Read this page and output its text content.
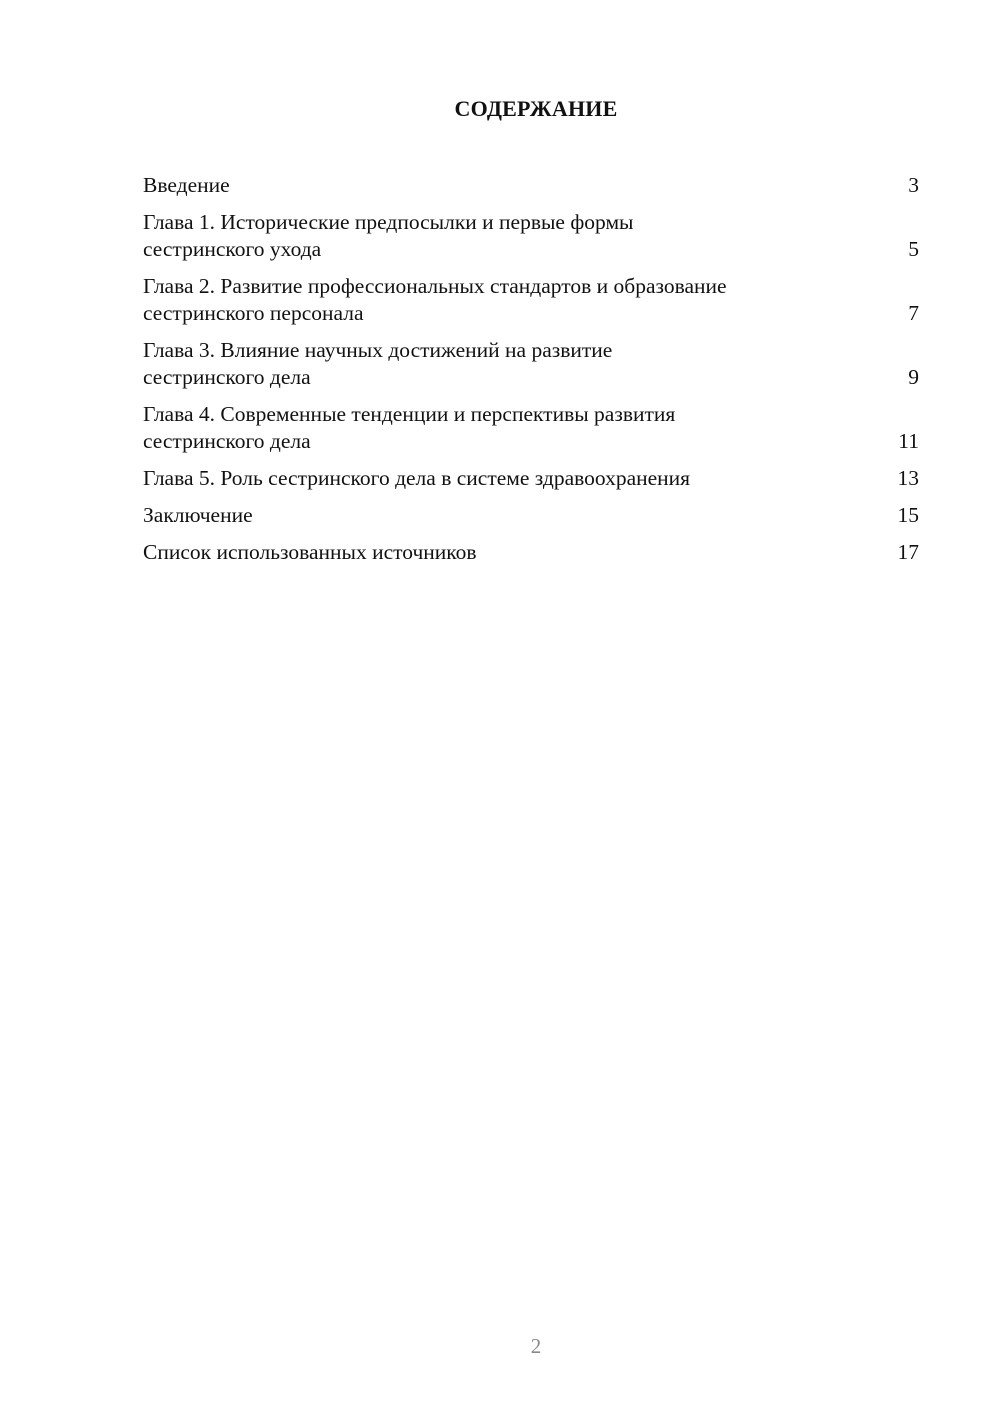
СОДЕРЖАНИЕ
Введение	3
Глава 1. Исторические предпосылки и первые формы
сестринского ухода	5
Глава 2. Развитие профессиональных стандартов и образование
сестринского персонала	7
Глава 3. Влияние научных достижений на развитие
сестринского дела	9
Глава 4. Современные тенденции и перспективы развития
сестринского дела	11
Глава 5. Роль сестринского дела в системе здравоохранения	13
Заключение	15
Список использованных источников	17
2
